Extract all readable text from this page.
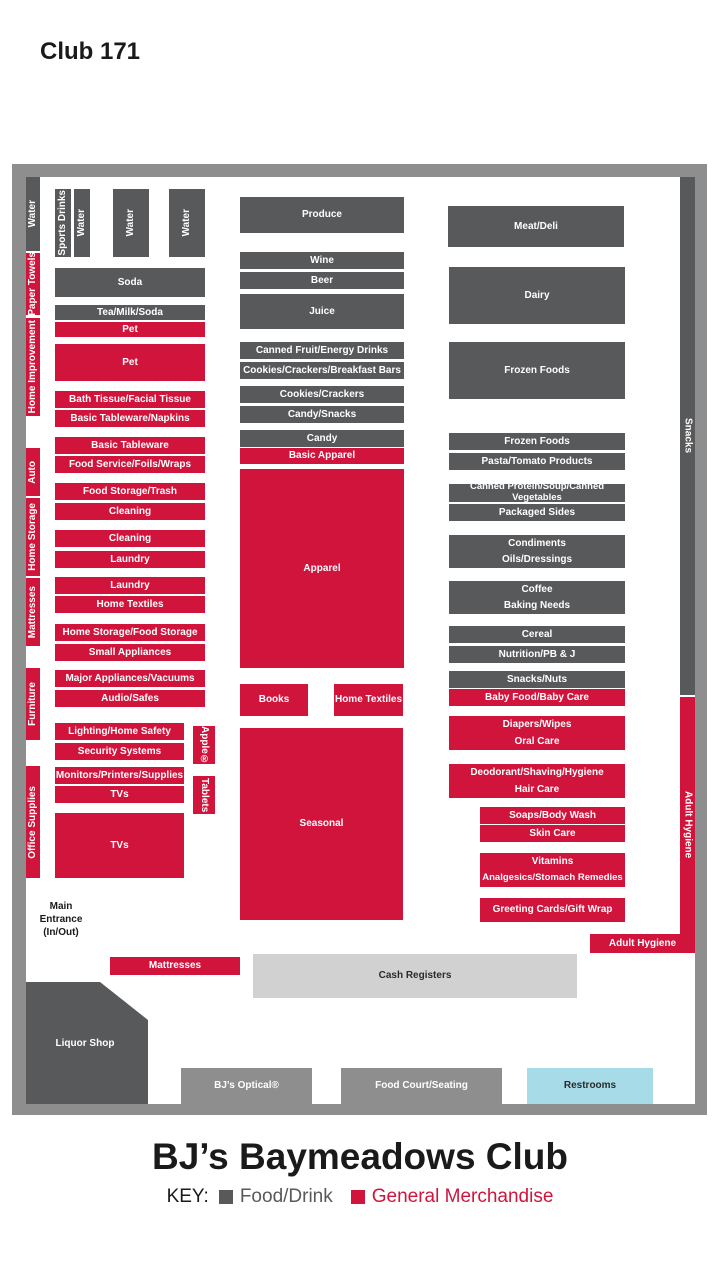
Club 171
Water
Paper Towels
Home Improvement
Auto
Home Storage
Mattresses
Furniture
Office Supplies
Sports Drinks Water	Water	Water
Soda
Tea/Milk/Soda
Pet
Pet
Bath Tissue/Facial Tissue
Basic Tableware/Napkins
Basic Tableware
Food Service/Foils/Wraps
Food Storage/Trash
Cleaning
Cleaning
Laundry
Laundry
Home Textiles
Home Storage/Food Storage
Small Appliances
Major Appliances/Vacuums
Audio/Safes
Lighting/Home Safety
Security Systems
Monitors/Printers/Supplies
TVs
TVs
Apple®
Tablets
Produce
Wine
Beer
Juice
Canned Fruit/Energy Drinks
Cookies/Crackers/Breakfast Bars
Cookies/Crackers
Candy/Snacks
Candy
Basic Apparel
Apparel
Books	Home Textiles
Seasonal
Meat/Deli
Dairy
Frozen Foods
Frozen Foods
Pasta/Tomato Products
Canned Protein/Soup/Canned Vegetables
Packaged Sides
Condiments
Oils/Dressings
Coffee
Baking Needs
Cereal
Nutrition/PB & J
Snacks/Nuts
Baby Food/Baby Care
Diapers/Wipes
Oral Care
Deodorant/Shaving/Hygiene
Hair Care
Soaps/Body Wash
Skin Care
Vitamins
Analgesics/Stomach Remedies
Greeting Cards/Gift Wrap
Snacks
Adult Hygiene
Adult Hygiene
Main
Entrance
(In/Out)
Mattresses
Cash Registers
Liquor Shop
BJ’s Optical®	Food Court/Seating	Restrooms
BJ’s Baymeadows Club
KEY: Food/Drink General Merchandise
